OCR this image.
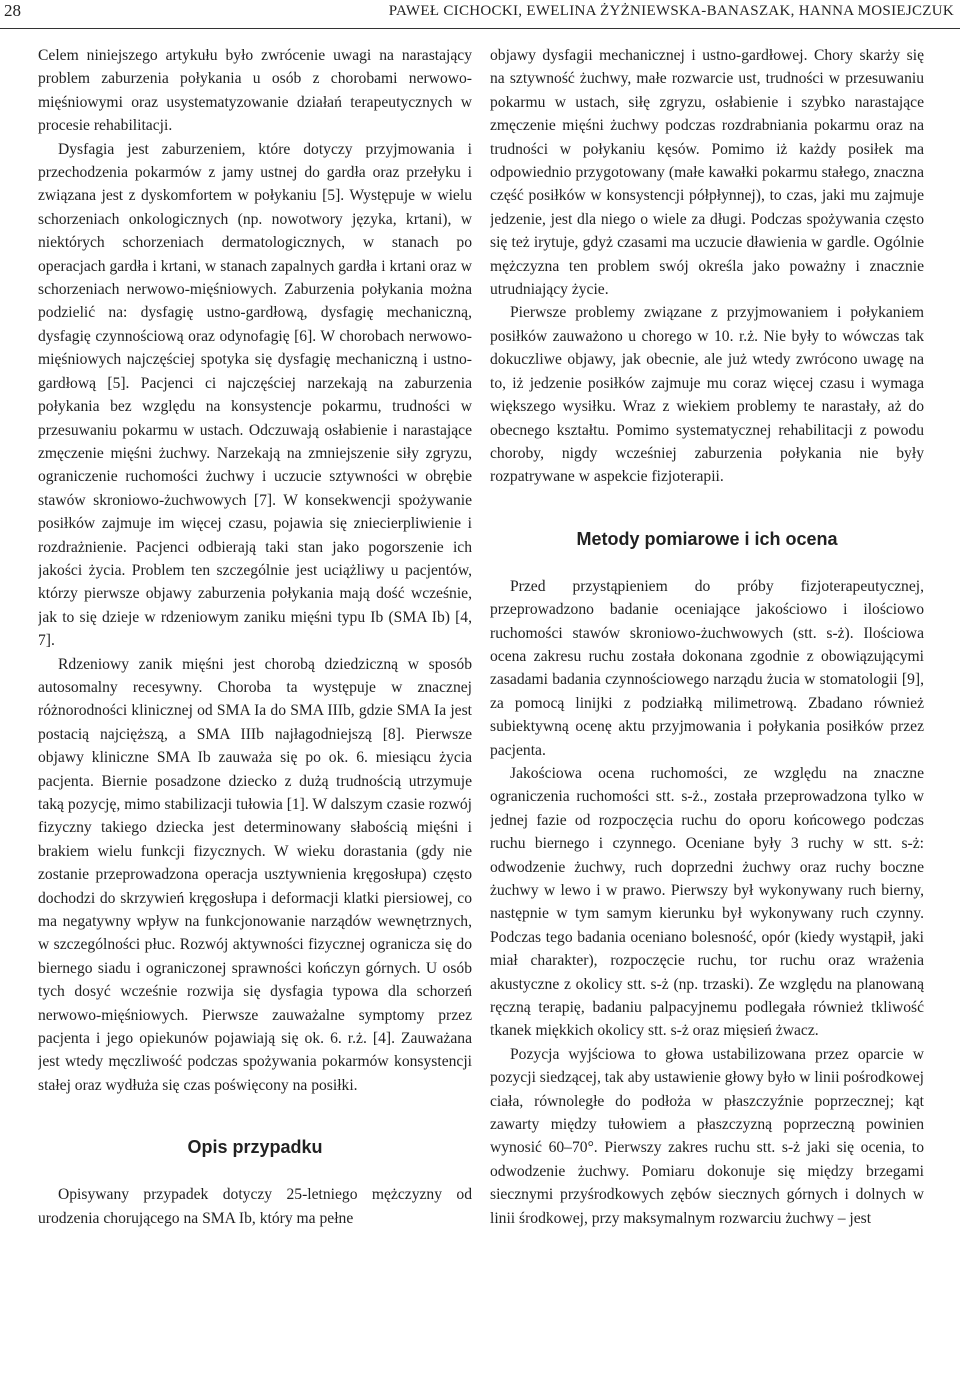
28	PAWEŁ CICHOCKI, EWELINA ŻYŻNIEWSKA-BANASZAK, HANNA MOSIEJCZUK

Celem niniejszego artykułu było zwrócenie uwagi na narastający problem zaburzenia połykania u osób z chorobami nerwowo-mięśniowymi oraz usystematyzowanie działań terapeutycznych w procesie rehabilitacji.

Dysfagia jest zaburzeniem, które dotyczy przyjmowania i przechodzenia pokarmów z jamy ustnej do gardła oraz przełyku i związana jest z dyskomfortem w połykaniu [5]. Występuje w wielu schorzeniach onkologicznych (np. nowotwory języka, krtani), w niektórych schorzeniach dermatologicznych, w stanach po operacjach gardła i krtani, w stanach zapalnych gardła i krtani oraz w schorzeniach nerwowo-mięśniowych. Zaburzenia połykania można podzielić na: dysfagię ustno-gardłową, dysfagię mechaniczną, dysfagię czynnościową oraz odynofagię [6]. W chorobach nerwowo-mięśniowych najczęściej spotyka się dysfagię mechaniczną i ustno-gardłową [5]. Pacjenci ci najczęściej narzekają na zaburzenia połykania bez względu na konsystencje pokarmu, trudności w przesuwaniu pokarmu w ustach. Odczuwają osłabienie i narastające zmęczenie mięśni żuchwy. Narzekają na zmniejszenie siły zgryzu, ograniczenie ruchomości żuchwy i uczucie sztywności w obrębie stawów skroniowo-żuchwowych [7]. W konsekwencji spożywanie posiłków zajmuje im więcej czasu, pojawia się zniecierpliwienie i rozdrażnienie. Pacjenci odbierają taki stan jako pogorszenie ich jakości życia. Problem ten szczególnie jest uciążliwy u pacjentów, którzy pierwsze objawy zaburzenia połykania mają dość wcześnie, jak to się dzieje w rdzeniowym zaniku mięśni typu Ib (SMA Ib) [4, 7].

Rdzeniowy zanik mięśni jest chorobą dziedziczną w sposób autosomalny recesywny. Choroba ta występuje w znacznej różnorodności klinicznej od SMA Ia do SMA IIIb, gdzie SMA Ia jest postacią najcięższą, a SMA IIIb najłagodniejszą [8]. Pierwsze objawy kliniczne SMA Ib zauważa się po ok. 6. miesiącu życia pacjenta. Biernie posadzone dziecko z dużą trudnością utrzymuje taką pozycję, mimo stabilizacji tułowia [1]. W dalszym czasie rozwój fizyczny takiego dziecka jest determinowany słabością mięśni i brakiem wielu funkcji fizycznych. W wieku dorastania (gdy nie zostanie przeprowadzona operacja usztywnienia kręgosłupa) często dochodzi do skrzywień kręgosłupa i deformacji klatki piersiowej, co ma negatywny wpływ na funkcjonowanie narządów wewnętrznych, w szczególności płuc. Rozwój aktywności fizycznej ogranicza się do biernego siadu i ograniczonej sprawności kończyn górnych. U osób tych dosyć wcześnie rozwija się dysfagia typowa dla schorzeń nerwowo-mięśniowych. Pierwsze zauważalne symptomy przez pacjenta i jego opiekunów pojawiają się ok. 6. r.ż. [4]. Zauważana jest wtedy męczliwość podczas spożywania pokarmów konsystencji stałej oraz wydłuża się czas poświęcony na posiłki.

Opis przypadku

Opisywany przypadek dotyczy 25-letniego mężczyzny od urodzenia chorującego na SMA Ib, który ma pełne

objawy dysfagii mechanicznej i ustno-gardłowej. Chory skarży się na sztywność żuchwy, małe rozwarcie ust, trudności w przesuwaniu pokarmu w ustach, siłę zgryzu, osłabienie i szybko narastające zmęczenie mięśni żuchwy podczas rozdrabniania pokarmu oraz na trudności w połykaniu kęsów. Pomimo iż każdy posiłek ma odpowiednio przygotowany (małe kawałki pokarmu stałego, znaczna część posiłków w konsystencji półpłynnej), to czas, jaki mu zajmuje jedzenie, jest dla niego o wiele za długi. Podczas spożywania często się też irytuje, gdyż czasami ma uczucie dławienia w gardle. Ogólnie mężczyzna ten problem swój określa jako poważny i znacznie utrudniający życie.

Pierwsze problemy związane z przyjmowaniem i połykaniem posiłków zauważono u chorego w 10. r.ż. Nie były to wówczas tak dokuczliwe objawy, jak obecnie, ale już wtedy zwrócono uwagę na to, iż jedzenie posiłków zajmuje mu coraz więcej czasu i wymaga większego wysiłku. Wraz z wiekiem problemy te narastały, aż do obecnego kształtu. Pomimo systematycznej rehabilitacji z powodu choroby, nigdy wcześniej zaburzenia połykania nie były rozpatrywane w aspekcie fizjoterapii.

Metody pomiarowe i ich ocena

Przed przystąpieniem do próby fizjoterapeutycznej, przeprowadzono badanie oceniające jakościowo i ilościowo ruchomości stawów skroniowo-żuchwowych (stt. s-ż). Ilościowa ocena zakresu ruchu została dokonana zgodnie z obowiązującymi zasadami badania czynnościowego narządu żucia w stomatologii [9], za pomocą linijki z podziałką milimetrową. Zbadano również subiektywną ocenę aktu przyjmowania i połykania posiłków przez pacjenta.

Jakościowa ocena ruchomości, ze względu na znaczne ograniczenia ruchomości stt. s-ż., została przeprowadzona tylko w jednej fazie od rozpoczęcia ruchu do oporu końcowego podczas ruchu biernego i czynnego. Oceniane były 3 ruchy w stt. s-ż: odwodzenie żuchwy, ruch doprzedni żuchwy oraz ruchy boczne żuchwy w lewo i w prawo. Pierwszy był wykonywany ruch bierny, następnie w tym samym kierunku był wykonywany ruch czynny. Podczas tego badania oceniano bolesność, opór (kiedy wystąpił, jaki miał charakter), rozpoczęcie ruchu, tor ruchu oraz wrażenia akustyczne z okolicy stt. s-ż (np. trzaski). Ze względu na planowaną ręczną terapię, badaniu palpacyjnemu podlegała również tkliwość tkanek miękkich okolicy stt. s-ż oraz mięsień żwacz.

Pozycja wyjściowa to głowa ustabilizowana przez oparcie w pozycji siedzącej, tak aby ustawienie głowy było w linii pośrodkowej ciała, równoległe do podłoża w płaszczyźnie poprzecznej; kąt zawarty między tułowiem a płaszczyzną poprzeczną powinien wynosić 60–70°. Pierwszy zakres ruchu stt. s-ż jaki się ocenia, to odwodzenie żuchwy. Pomiaru dokonuje się między brzegami siecznymi przyśrodkowych zębów siecznych górnych i dolnych w linii środkowej, przy maksymalnym rozwarciu żuchwy – jest
